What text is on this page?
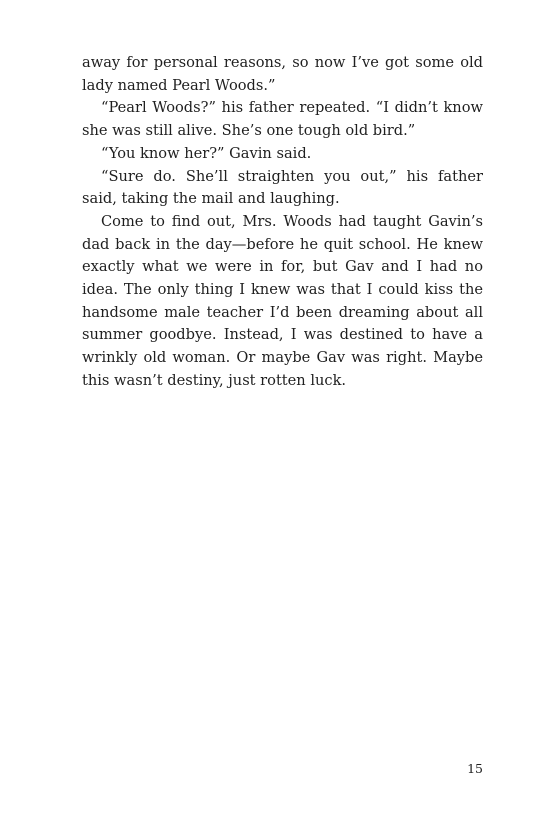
away for personal reasons, so now I’ve got some old lady named Pearl Woods.”

“Pearl Woods?” his father repeated. “I didn’t know she was still alive. She’s one tough old bird.”

“You know her?” Gavin said.

“Sure do. She’ll straighten you out,” his father said, taking the mail and laughing.

Come to find out, Mrs. Woods had taught Gavin’s dad back in the day—before he quit school. He knew exactly what we were in for, but Gav and I had no idea. The only thing I knew was that I could kiss the handsome male teacher I’d been dreaming about all summer goodbye. Instead, I was destined to have a wrinkly old woman. Or maybe Gav was right. Maybe this wasn’t destiny, just rotten luck.

15
